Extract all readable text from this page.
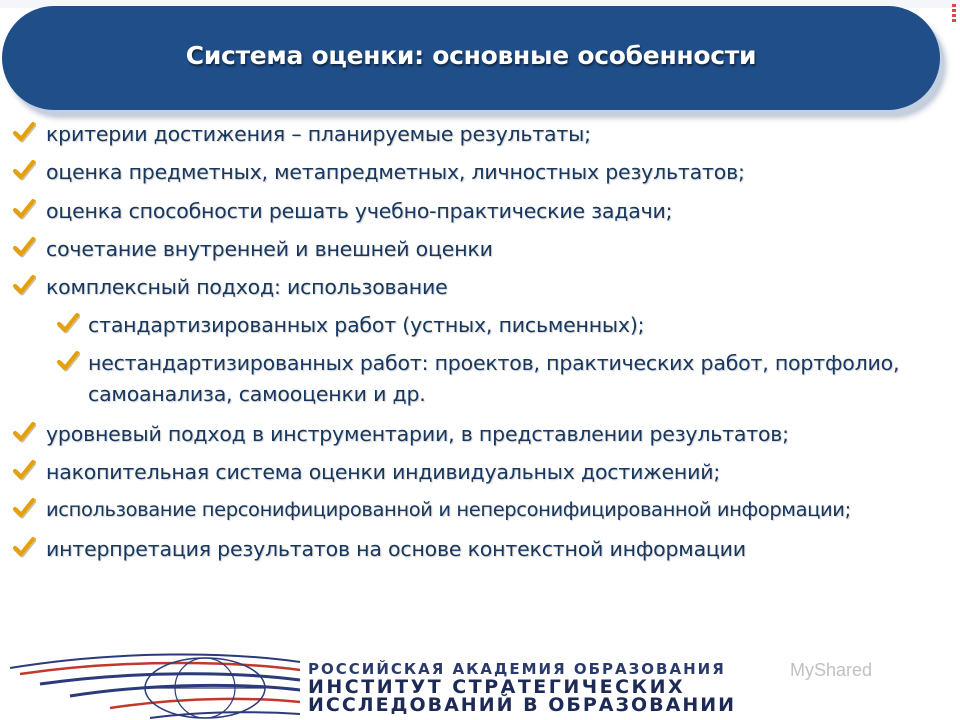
Система оценки: основные особенности
критерии достижения – планируемые результаты;
оценка предметных, метапредметных, личностных результатов;
оценка способности решать учебно-практические задачи;
сочетание внутренней и внешней оценки
комплексный подход: использование
стандартизированных работ (устных, письменных);
нестандартизированных работ: проектов, практических работ, портфолио,
самоанализа, самооценки и др.
уровневый подход в инструментарии, в представлении результатов;
накопительная система оценки индивидуальных достижений;
использование персонифицированной и неперсонифицированной информации;
интерпретация результатов на основе контекстной информации
РОССИЙСКАЯ АКАДЕМИЯ ОБРАЗОВАНИЯ
ИНСТИТУТ СТРАТЕГИЧЕСКИХ
ИССЛЕДОВАНИЙ В ОБРАЗОВАНИИ
MyShared
